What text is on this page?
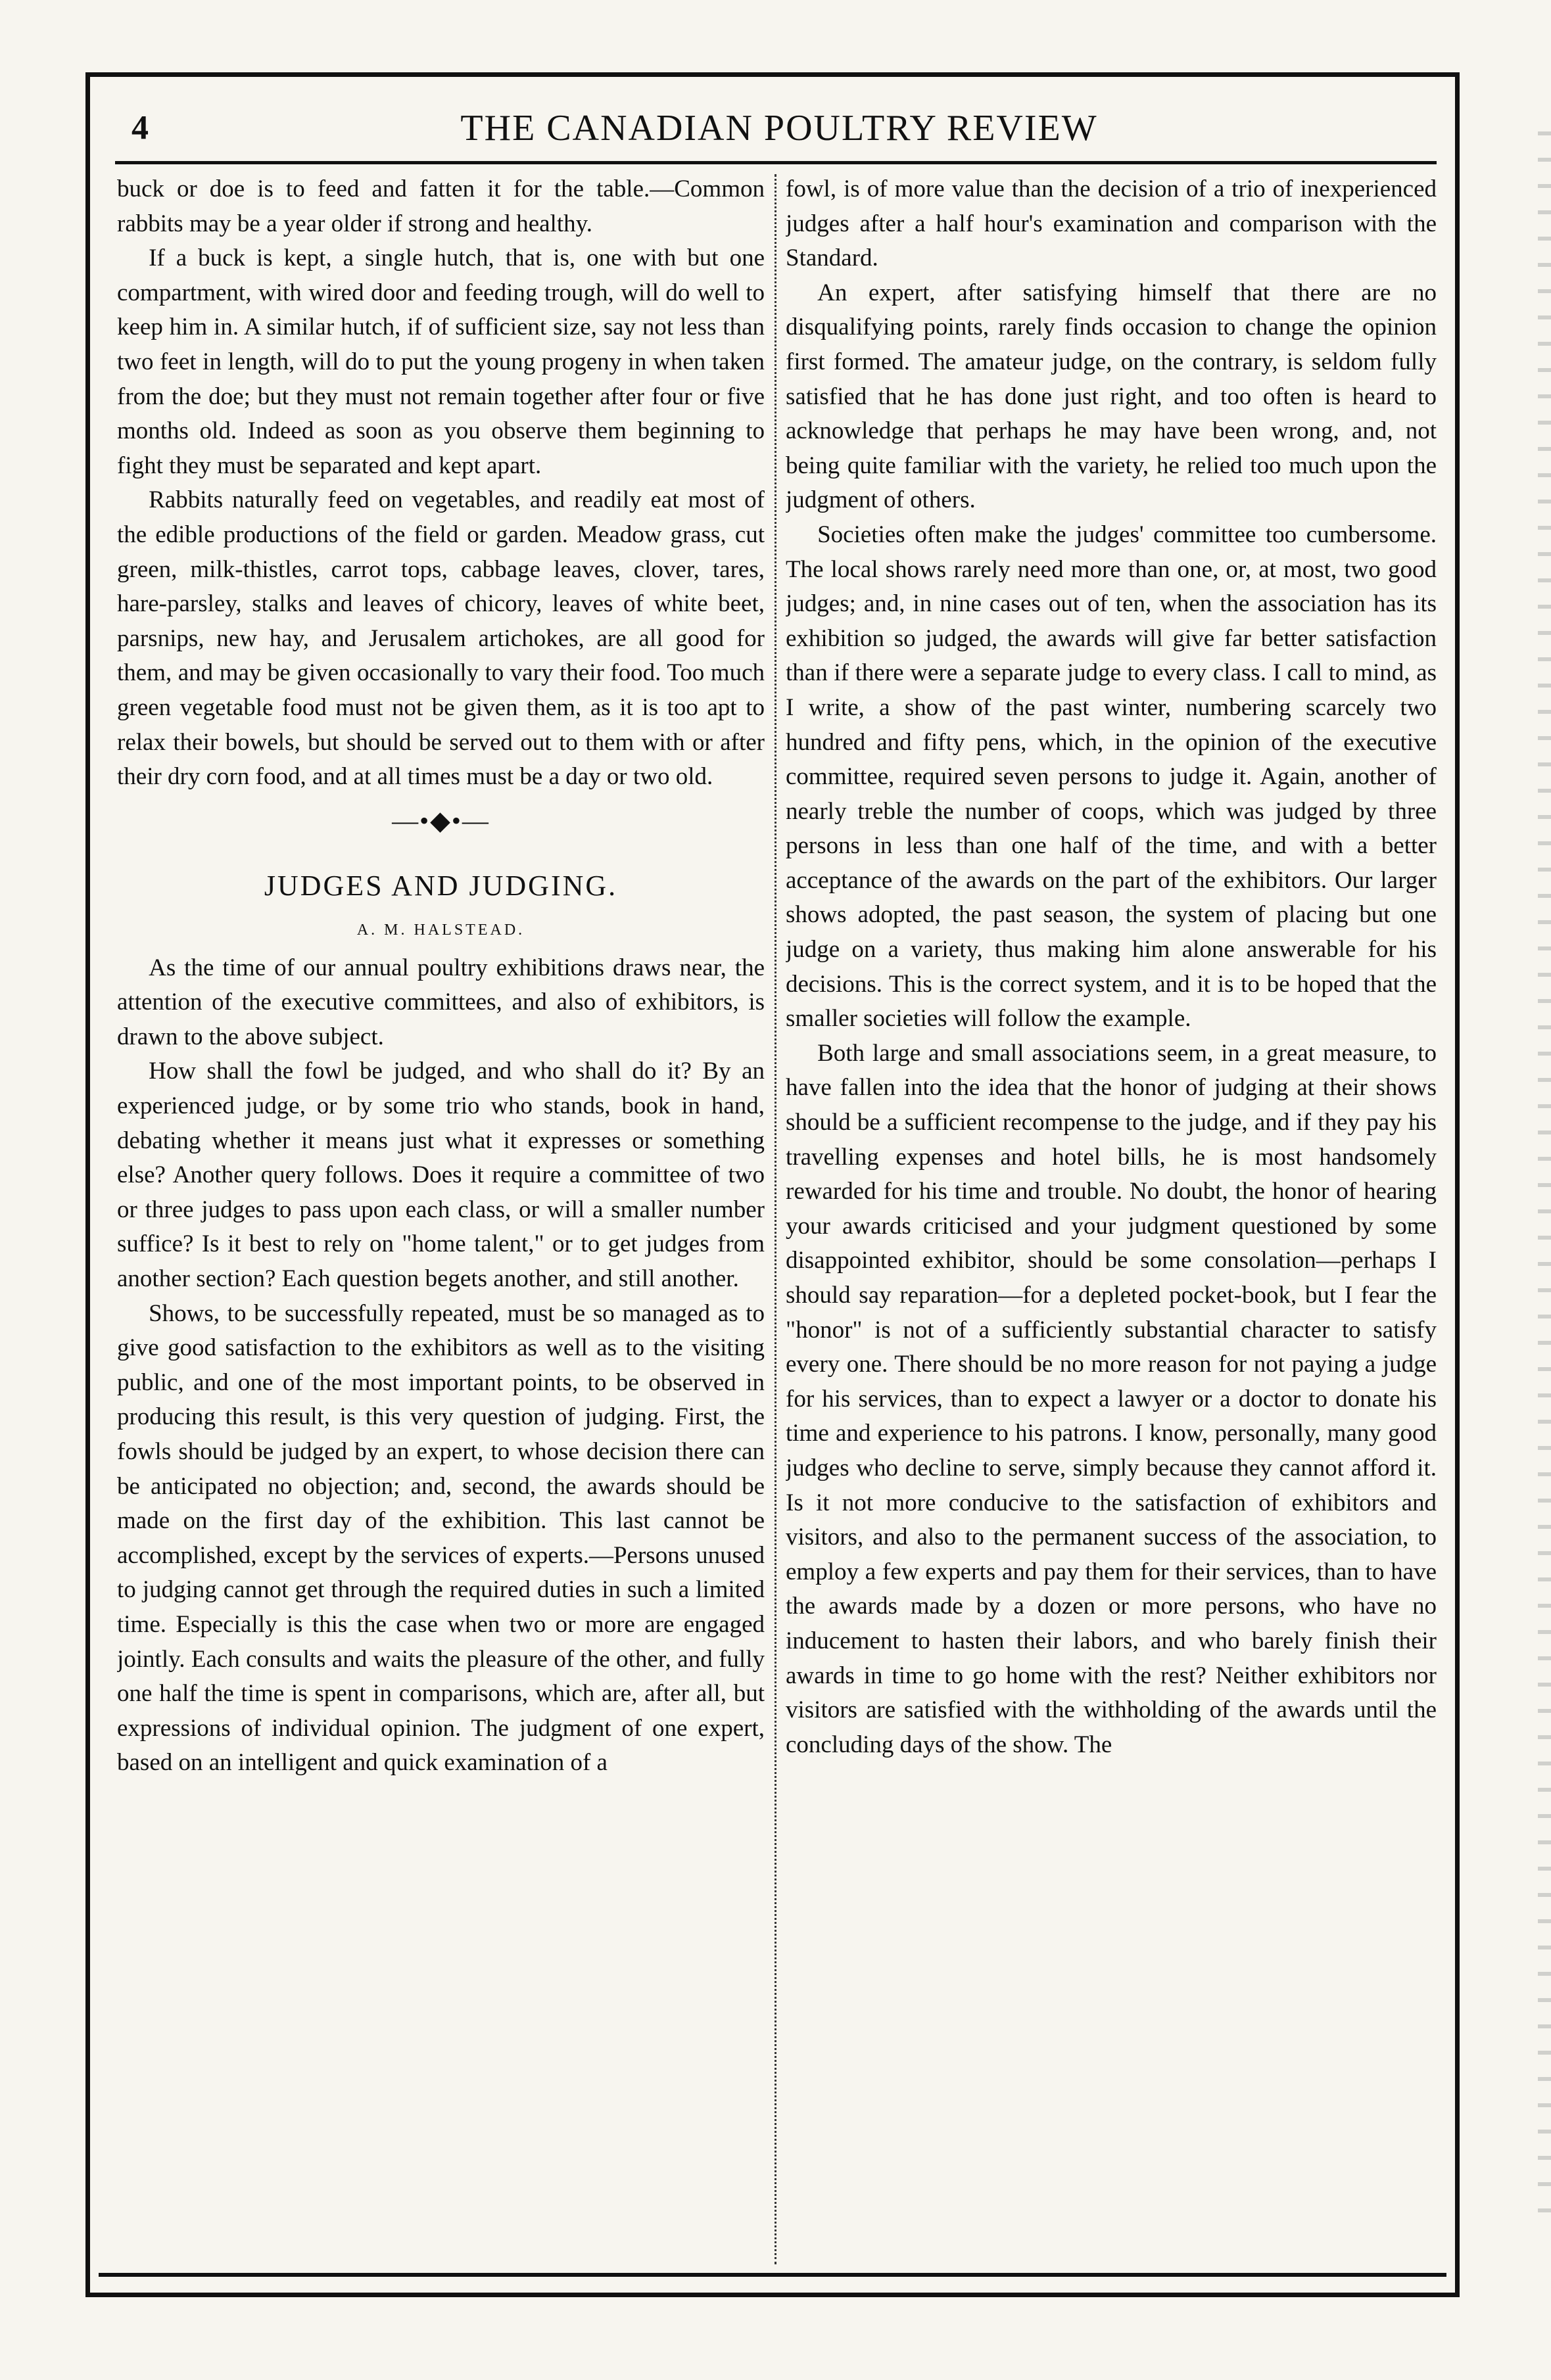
4	THE CANADIAN POULTRY REVIEW

buck or doe is to feed and fatten it for the table.—Common rabbits may be a year older if strong and healthy.

If a buck is kept, a single hutch, that is, one with but one compartment, with wired door and feeding trough, will do well to keep him in. A similar hutch, if of sufficient size, say not less than two feet in length, will do to put the young progeny in when taken from the doe; but they must not remain together after four or five months old. Indeed as soon as you observe them beginning to fight they must be separated and kept apart.

Rabbits naturally feed on vegetables, and readily eat most of the edible productions of the field or garden. Meadow grass, cut green, milk-thistles, carrot tops, cabbage leaves, clover, tares, hare-parsley, stalks and leaves of chicory, leaves of white beet, parsnips, new hay, and Jerusalem artichokes, are all good for them, and may be given occasionally to vary their food. Too much green vegetable food must not be given them, as it is too apt to relax their bowels, but should be served out to them with or after their dry corn food, and at all times must be a day or two old.

—•◆•—
JUDGES AND JUDGING.
A. M. HALSTEAD.

As the time of our annual poultry exhibitions draws near, the attention of the executive committees, and also of exhibitors, is drawn to the above subject.

How shall the fowl be judged, and who shall do it? By an experienced judge, or by some trio who stands, book in hand, debating whether it means just what it expresses or something else? Another query follows. Does it require a committee of two or three judges to pass upon each class, or will a smaller number suffice? Is it best to rely on "home talent," or to get judges from another section? Each question begets another, and still another.

Shows, to be successfully repeated, must be so managed as to give good satisfaction to the exhibitors as well as to the visiting public, and one of the most important points, to be observed in producing this result, is this very question of judging. First, the fowls should be judged by an expert, to whose decision there can be anticipated no objection; and, second, the awards should be made on the first day of the exhibition. This last cannot be accomplished, except by the services of experts.—Persons unused to judging cannot get through the required duties in such a limited time. Especially is this the case when two or more are engaged jointly. Each consults and waits the pleasure of the other, and fully one half the time is spent in comparisons, which are, after all, but expressions of individual opinion. The judgment of one expert, based on an intelligent and quick examination of a

fowl, is of more value than the decision of a trio of inexperienced judges after a half hour's examination and comparison with the Standard.

An expert, after satisfying himself that there are no disqualifying points, rarely finds occasion to change the opinion first formed. The amateur judge, on the contrary, is seldom fully satisfied that he has done just right, and too often is heard to acknowledge that perhaps he may have been wrong, and, not being quite familiar with the variety, he relied too much upon the judgment of others.

Societies often make the judges' committee too cumbersome. The local shows rarely need more than one, or, at most, two good judges; and, in nine cases out of ten, when the association has its exhibition so judged, the awards will give far better satisfaction than if there were a separate judge to every class. I call to mind, as I write, a show of the past winter, numbering scarcely two hundred and fifty pens, which, in the opinion of the executive committee, required seven persons to judge it. Again, another of nearly treble the number of coops, which was judged by three persons in less than one half of the time, and with a better acceptance of the awards on the part of the exhibitors. Our larger shows adopted, the past season, the system of placing but one judge on a variety, thus making him alone answerable for his decisions. This is the correct system, and it is to be hoped that the smaller societies will follow the example.

Both large and small associations seem, in a great measure, to have fallen into the idea that the honor of judging at their shows should be a sufficient recompense to the judge, and if they pay his travelling expenses and hotel bills, he is most handsomely rewarded for his time and trouble. No doubt, the honor of hearing your awards criticised and your judgment questioned by some disappointed exhibitor, should be some consolation—perhaps I should say reparation—for a depleted pocket-book, but I fear the "honor" is not of a sufficiently substantial character to satisfy every one. There should be no more reason for not paying a judge for his services, than to expect a lawyer or a doctor to donate his time and experience to his patrons. I know, personally, many good judges who decline to serve, simply because they cannot afford it. Is it not more conducive to the satisfaction of exhibitors and visitors, and also to the permanent success of the association, to employ a few experts and pay them for their services, than to have the awards made by a dozen or more persons, who have no inducement to hasten their labors, and who barely finish their awards in time to go home with the rest? Neither exhibitors nor visitors are satisfied with the withholding of the awards until the concluding days of the show. The
